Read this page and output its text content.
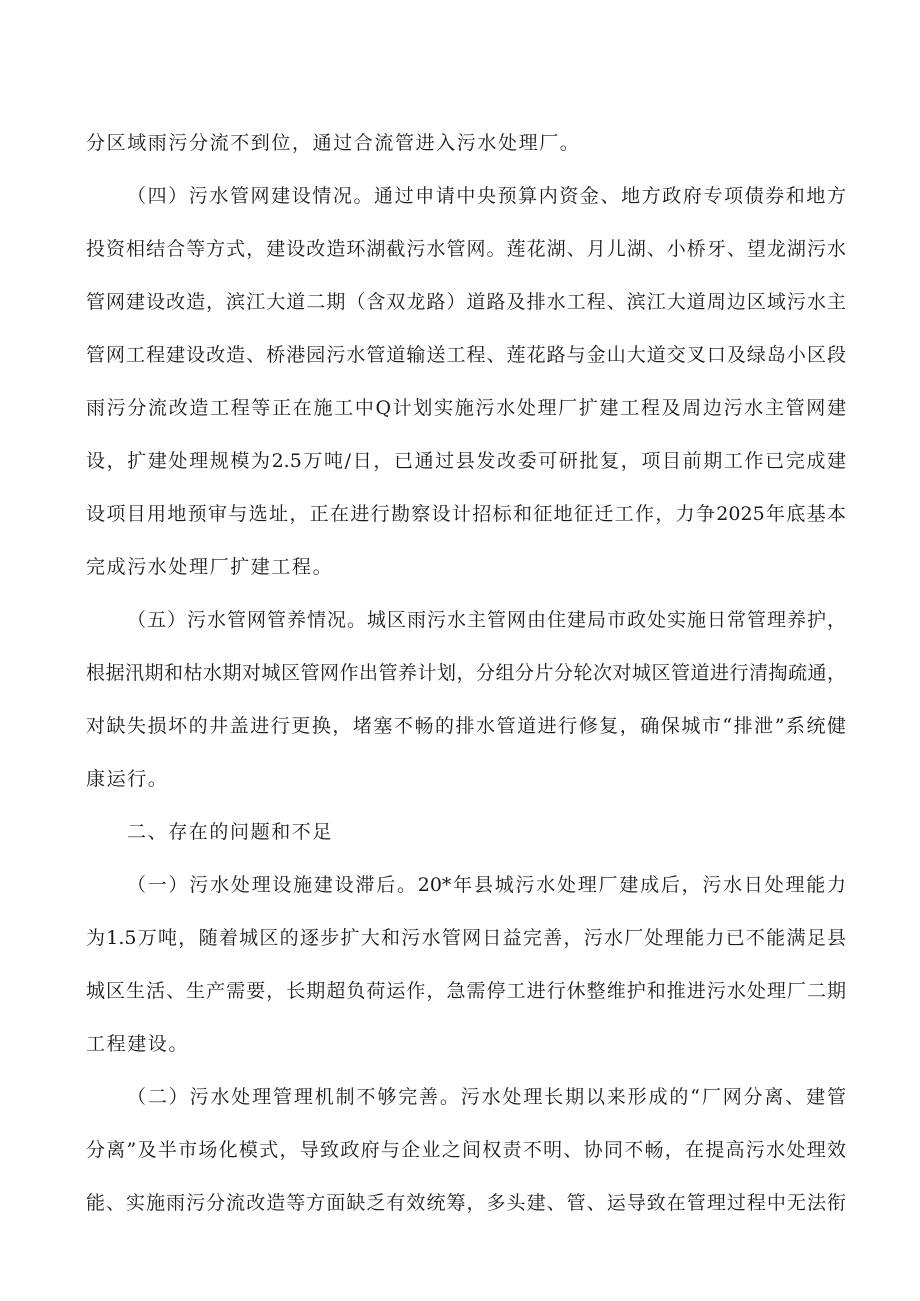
分区域雨污分流不到位，通过合流管进入污水处理厂。
（四）污水管网建设情况。通过申请中央预算内资金、地方政府专项债券和地方
投资相结合等方式，建设改造环湖截污水管网。莲花湖、月儿湖、小桥牙、望龙湖污水
管网建设改造，滨江大道二期（含双龙路）道路及排水工程、滨江大道周边区域污水主
管网工程建设改造、桥港园污水管道输送工程、莲花路与金山大道交叉口及绿岛小区段
雨污分流改造工程等正在施工中Q计划实施污水处理厂扩建工程及周边污水主管网建
设，扩建处理规模为2.5万吨/日，已通过县发改委可研批复，项目前期工作已完成建
设项目用地预审与选址，正在进行勘察设计招标和征地征迁工作，力争2025年底基本
完成污水处理厂扩建工程。
（五）污水管网管养情况。城区雨污水主管网由住建局市政处实施日常管理养护，
根据汛期和枯水期对城区管网作出管养计划，分组分片分轮次对城区管道进行清掏疏通，
对缺失损坏的井盖进行更换，堵塞不畅的排水管道进行修复，确保城市“排泄”系统健
康运行。
二、存在的问题和不足
（一）污水处理设施建设滞后。20*年县城污水处理厂建成后，污水日处理能力
为1.5万吨，随着城区的逐步扩大和污水管网日益完善，污水厂处理能力已不能满足县
城区生活、生产需要，长期超负荷运作，急需停工进行休整维护和推进污水处理厂二期
工程建设。
（二）污水处理管理机制不够完善。污水处理长期以来形成的“厂网分离、建管
分离”及半市场化模式，导致政府与企业之间权责不明、协同不畅，在提高污水处理效
能、实施雨污分流改造等方面缺乏有效统筹，多头建、管、运导致在管理过程中无法衔
